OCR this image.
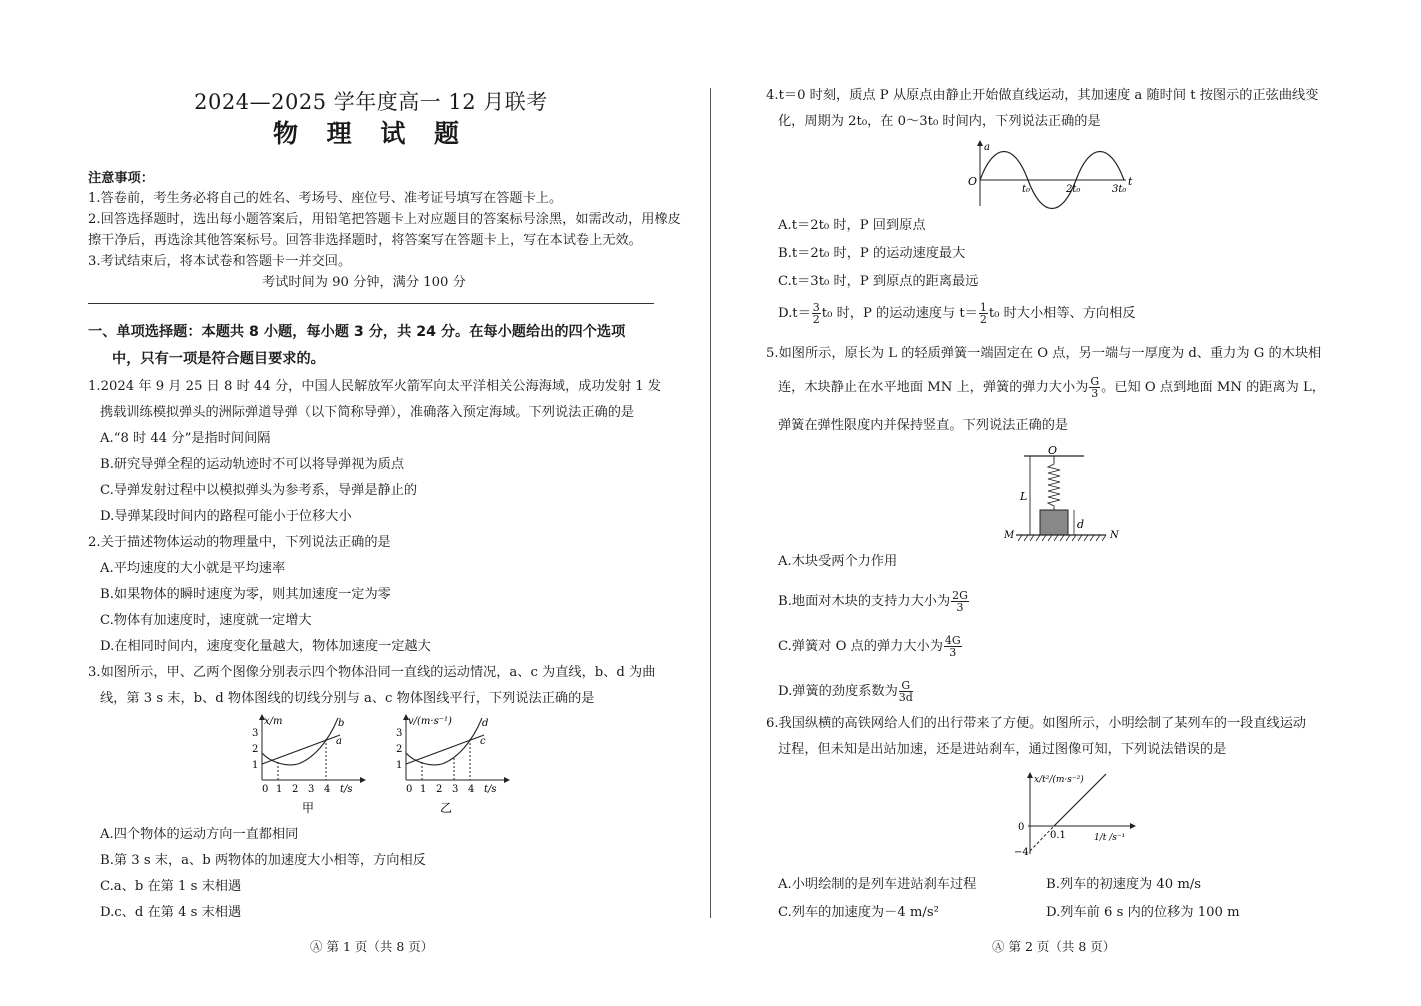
2024—2025 学年度高一 12 月联考
物 理 试 题
注意事项：
1.答卷前，考生务必将自己的姓名、考场号、座位号、准考证号填写在答题卡上。
2.回答选择题时，选出每小题答案后，用铅笔把答题卡上对应题目的答案标号涂黑，如需改动，用橡皮
擦干净后，再选涂其他答案标号。回答非选择题时，将答案写在答题卡上，写在本试卷上无效。
3.考试结束后，将本试卷和答题卡一并交回。
考试时间为 90 分钟，满分 100 分
一、单项选择题：本题共 8 小题，每小题 3 分，共 24 分。在每小题给出的四个选项
中，只有一项是符合题目要求的。
1.2024 年 9 月 25 日 8 时 44 分，中国人民解放军火箭军向太平洋相关公海海域，成功发射 1 发
携载训练模拟弹头的洲际弹道导弹（以下简称导弹），准确落入预定海域。下列说法正确的是
A.“8 时 44 分”是指时间间隔
B.研究导弹全程的运动轨迹时不可以将导弹视为质点
C.导弹发射过程中以模拟弹头为参考系，导弹是静止的
D.导弹某段时间内的路程可能小于位移大小
2.关于描述物体运动的物理量中，下列说法正确的是
A.平均速度的大小就是平均速率
B.如果物体的瞬时速度为零，则其加速度一定为零
C.物体有加速度时，速度就一定增大
D.在相同时间内，速度变化量越大，物体加速度一定越大
3.如图所示，甲、乙两个图像分别表示四个物体沿同一直线的运动情况，a、c 为直线，b、d 为曲
线，第 3 s 末，b、d 物体图线的切线分别与 a、c 物体图线平行，下列说法正确的是
0
1
2
3
1 2 3 4 t/s
x/m	b
a
甲
0
1
2
3
1 2 3 4 t/s
v/(m·s⁻¹)	d
c
乙
A.四个物体的运动方向一直都相同
B.第 3 s 末，a、b 两物体的加速度大小相等，方向相反
C.a、b 在第 1 s 末相遇
D.c、d 在第 4 s 末相遇
Ⓐ 第 1 页（共 8 页）
4.t＝0 时刻，质点 P 从原点由静止开始做直线运动，其加速度 a 随时间 t 按图示的正弦曲线变
化，周期为 2t₀，在 0～3t₀ 时间内，下列说法正确的是
a
O
t₀	2t₀	3t₀
t
A.t＝2t₀ 时，P 回到原点
B.t＝2t₀ 时，P 的运动速度最大
C.t＝3t₀ 时，P 到原点的距离最远
$D.t= \frac{3}{2} t_0$ 时，P 的运动速度与 $t= \frac{1}{2} t_0$ 时大小相等、方向相反
5.如图所示，原长为 L 的轻质弹簧一端固定在 O 点，另一端与一厚度为 d、重力为 G 的木块相
连，木块静止在水平地面 MN 上，弹簧的弹力大小为 $\frac{G}{3}$ 。已知 O 点到地面 MN 的距离为 L，
弹簧在弹性限度内并保持竖直。下列说法正确的是
O
L
d
M	N
A.木块受两个力作用
B.地面对木块的支持力大小为 $\frac{2G}{3}$
C.弹簧对 O 点的弹力大小为 $\frac{4G}{3}$
D.弹簧的劲度系数为 $\frac{G}{3d}$
6.我国纵横的高铁网给人们的出行带来了方便。如图所示，小明绘制了某列车的一段直线运动
过程，但未知是出站加速，还是进站刹车，通过图像可知，下列说法错误的是
x/t²/(m·s⁻²)
0
−4
0.1	1/t /s⁻¹
A.小明绘制的是列车进站刹车过程	B.列车的初速度为 40 m/s
C.列车的加速度为－4 m/s²	D.列车前 6 s 内的位移为 100 m
Ⓐ 第 2 页（共 8 页）
